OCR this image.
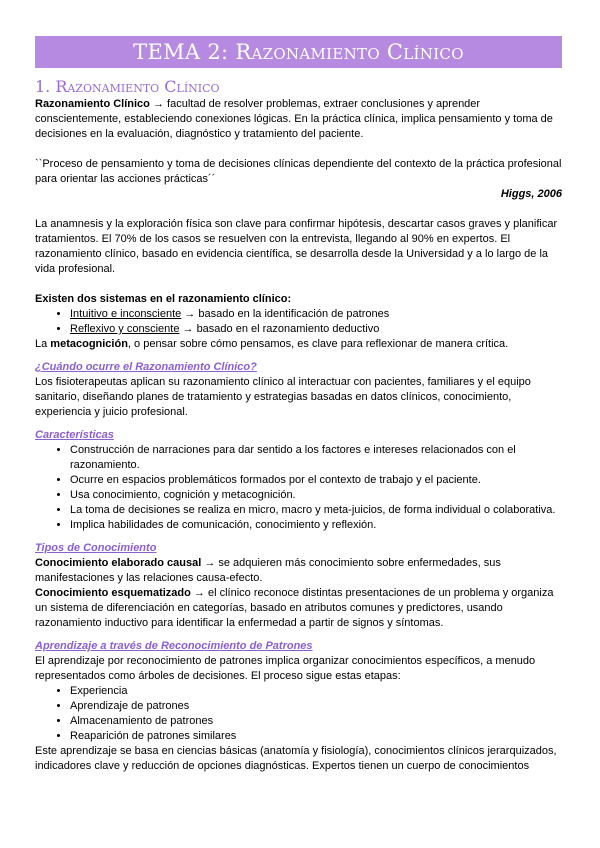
TEMA 2: Razonamiento Clínico
1. Razonamiento Clínico

Razonamiento Clínico → facultad de resolver problemas, extraer conclusiones y aprender conscientemente, estableciendo conexiones lógicas. En la práctica clínica, implica pensamiento y toma de decisiones en la evaluación, diagnóstico y tratamiento del paciente.

``Proceso de pensamiento y toma de decisiones clínicas dependiente del contexto de la práctica profesional para orientar las acciones prácticas´´

Higgs, 2006

La anamnesis y la exploración física son clave para confirmar hipótesis, descartar casos graves y planificar tratamientos. El 70% de los casos se resuelven con la entrevista, llegando al 90% en expertos. El razonamiento clínico, basado en evidencia científica, se desarrolla desde la Universidad y a lo largo de la vida profesional.

Existen dos sistemas en el razonamiento clínico:

• Intuitivo e inconsciente → basado en la identificación de patrones
• Reflexivo y consciente → basado en el razonamiento deductivo

La metacognición, o pensar sobre cómo pensamos, es clave para reflexionar de manera crítica.

¿Cuándo ocurre el Razonamiento Clínico?

Los fisioterapeutas aplican su razonamiento clínico al interactuar con pacientes, familiares y el equipo sanitario, diseñando planes de tratamiento y estrategias basadas en datos clínicos, conocimiento, experiencia y juicio profesional.

Características
• Construcción de narraciones para dar sentido a los factores e intereses relacionados con el razonamiento.
• Ocurre en espacios problemáticos formados por el contexto de trabajo y el paciente.
• Usa conocimiento, cognición y metacognición.
• La toma de decisiones se realiza en micro, macro y meta-juicios, de forma individual o colaborativa.
• Implica habilidades de comunicación, conocimiento y reflexión.
Tipos de Conocimiento

Conocimiento elaborado causal → se adquieren más conocimiento sobre enfermedades, sus manifestaciones y las relaciones causa-efecto.

Conocimiento esquematizado → el clínico reconoce distintas presentaciones de un problema y organiza un sistema de diferenciación en categorías, basado en atributos comunes y predictores, usando razonamiento inductivo para identificar la enfermedad a partir de signos y síntomas.

Aprendizaje a través de Reconocimiento de Patrones

El aprendizaje por reconocimiento de patrones implica organizar conocimientos específicos, a menudo representados como árboles de decisiones. El proceso sigue estas etapas:

• Experiencia
• Aprendizaje de patrones
• Almacenamiento de patrones
• Reaparición de patrones similares

Este aprendizaje se basa en ciencias básicas (anatomía y fisiología), conocimientos clínicos jerarquizados, indicadores clave y reducción de opciones diagnósticas. Expertos tienen un cuerpo de conocimientos
